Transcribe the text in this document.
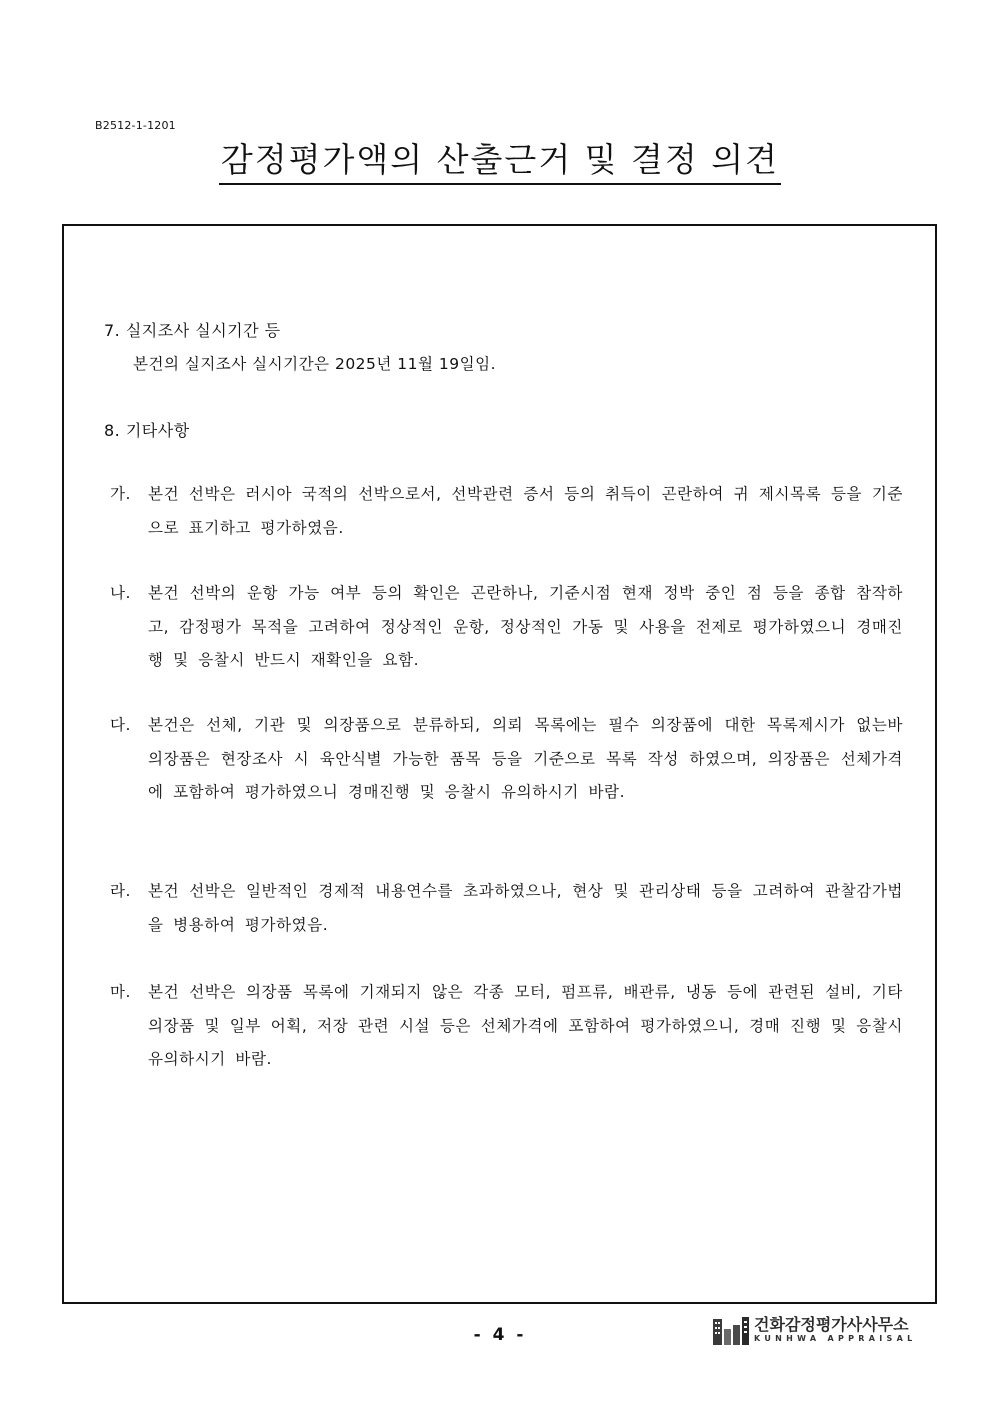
B2512-1-1201
감정평가액의 산출근거 및 결정 의견
7. 실지조사 실시기간 등
본건의 실지조사 실시기간은 2025년 11월 19일임.
8. 기타사항
가. 본건 선박은 러시아 국적의 선박으로서, 선박관련 증서 등의 취득이 곤란하여 귀 제시목록 등을 기준으로 표기하고 평가하였음.
나. 본건 선박의 운항 가능 여부 등의 확인은 곤란하나, 기준시점 현재 정박 중인 점 등을 종합 참작하고, 감정평가 목적을 고려하여 정상적인 운항, 정상적인 가동 및 사용을 전제로 평가하였으니 경매진행 및 응찰시 반드시 재확인을 요함.
다. 본건은 선체, 기관 및 의장품으로 분류하되, 의뢰 목록에는 필수 의장품에 대한 목록제시가 없는바 의장품은 현장조사 시 육안식별 가능한 품목 등을 기준으로 목록 작성 하였으며, 의장품은 선체가격에 포함하여 평가하였으니 경매진행 및 응찰시 유의하시기 바람.
라. 본건 선박은 일반적인 경제적 내용연수를 초과하였으나, 현상 및 관리상태 등을 고려하여 관찰감가법을 병용하여 평가하였음.
마. 본건 선박은 의장품 목록에 기재되지 않은 각종 모터, 펌프류, 배관류, 냉동 등에 관련된 설비, 기타 의장품 및 일부 어획, 저장 관련 시설 등은 선체가격에 포함하여 평가하였으니, 경매 진행 및 응찰시 유의하시기 바람.
- 4 -
건화감정평가사사무소
KUNHWA APPRAISAL
